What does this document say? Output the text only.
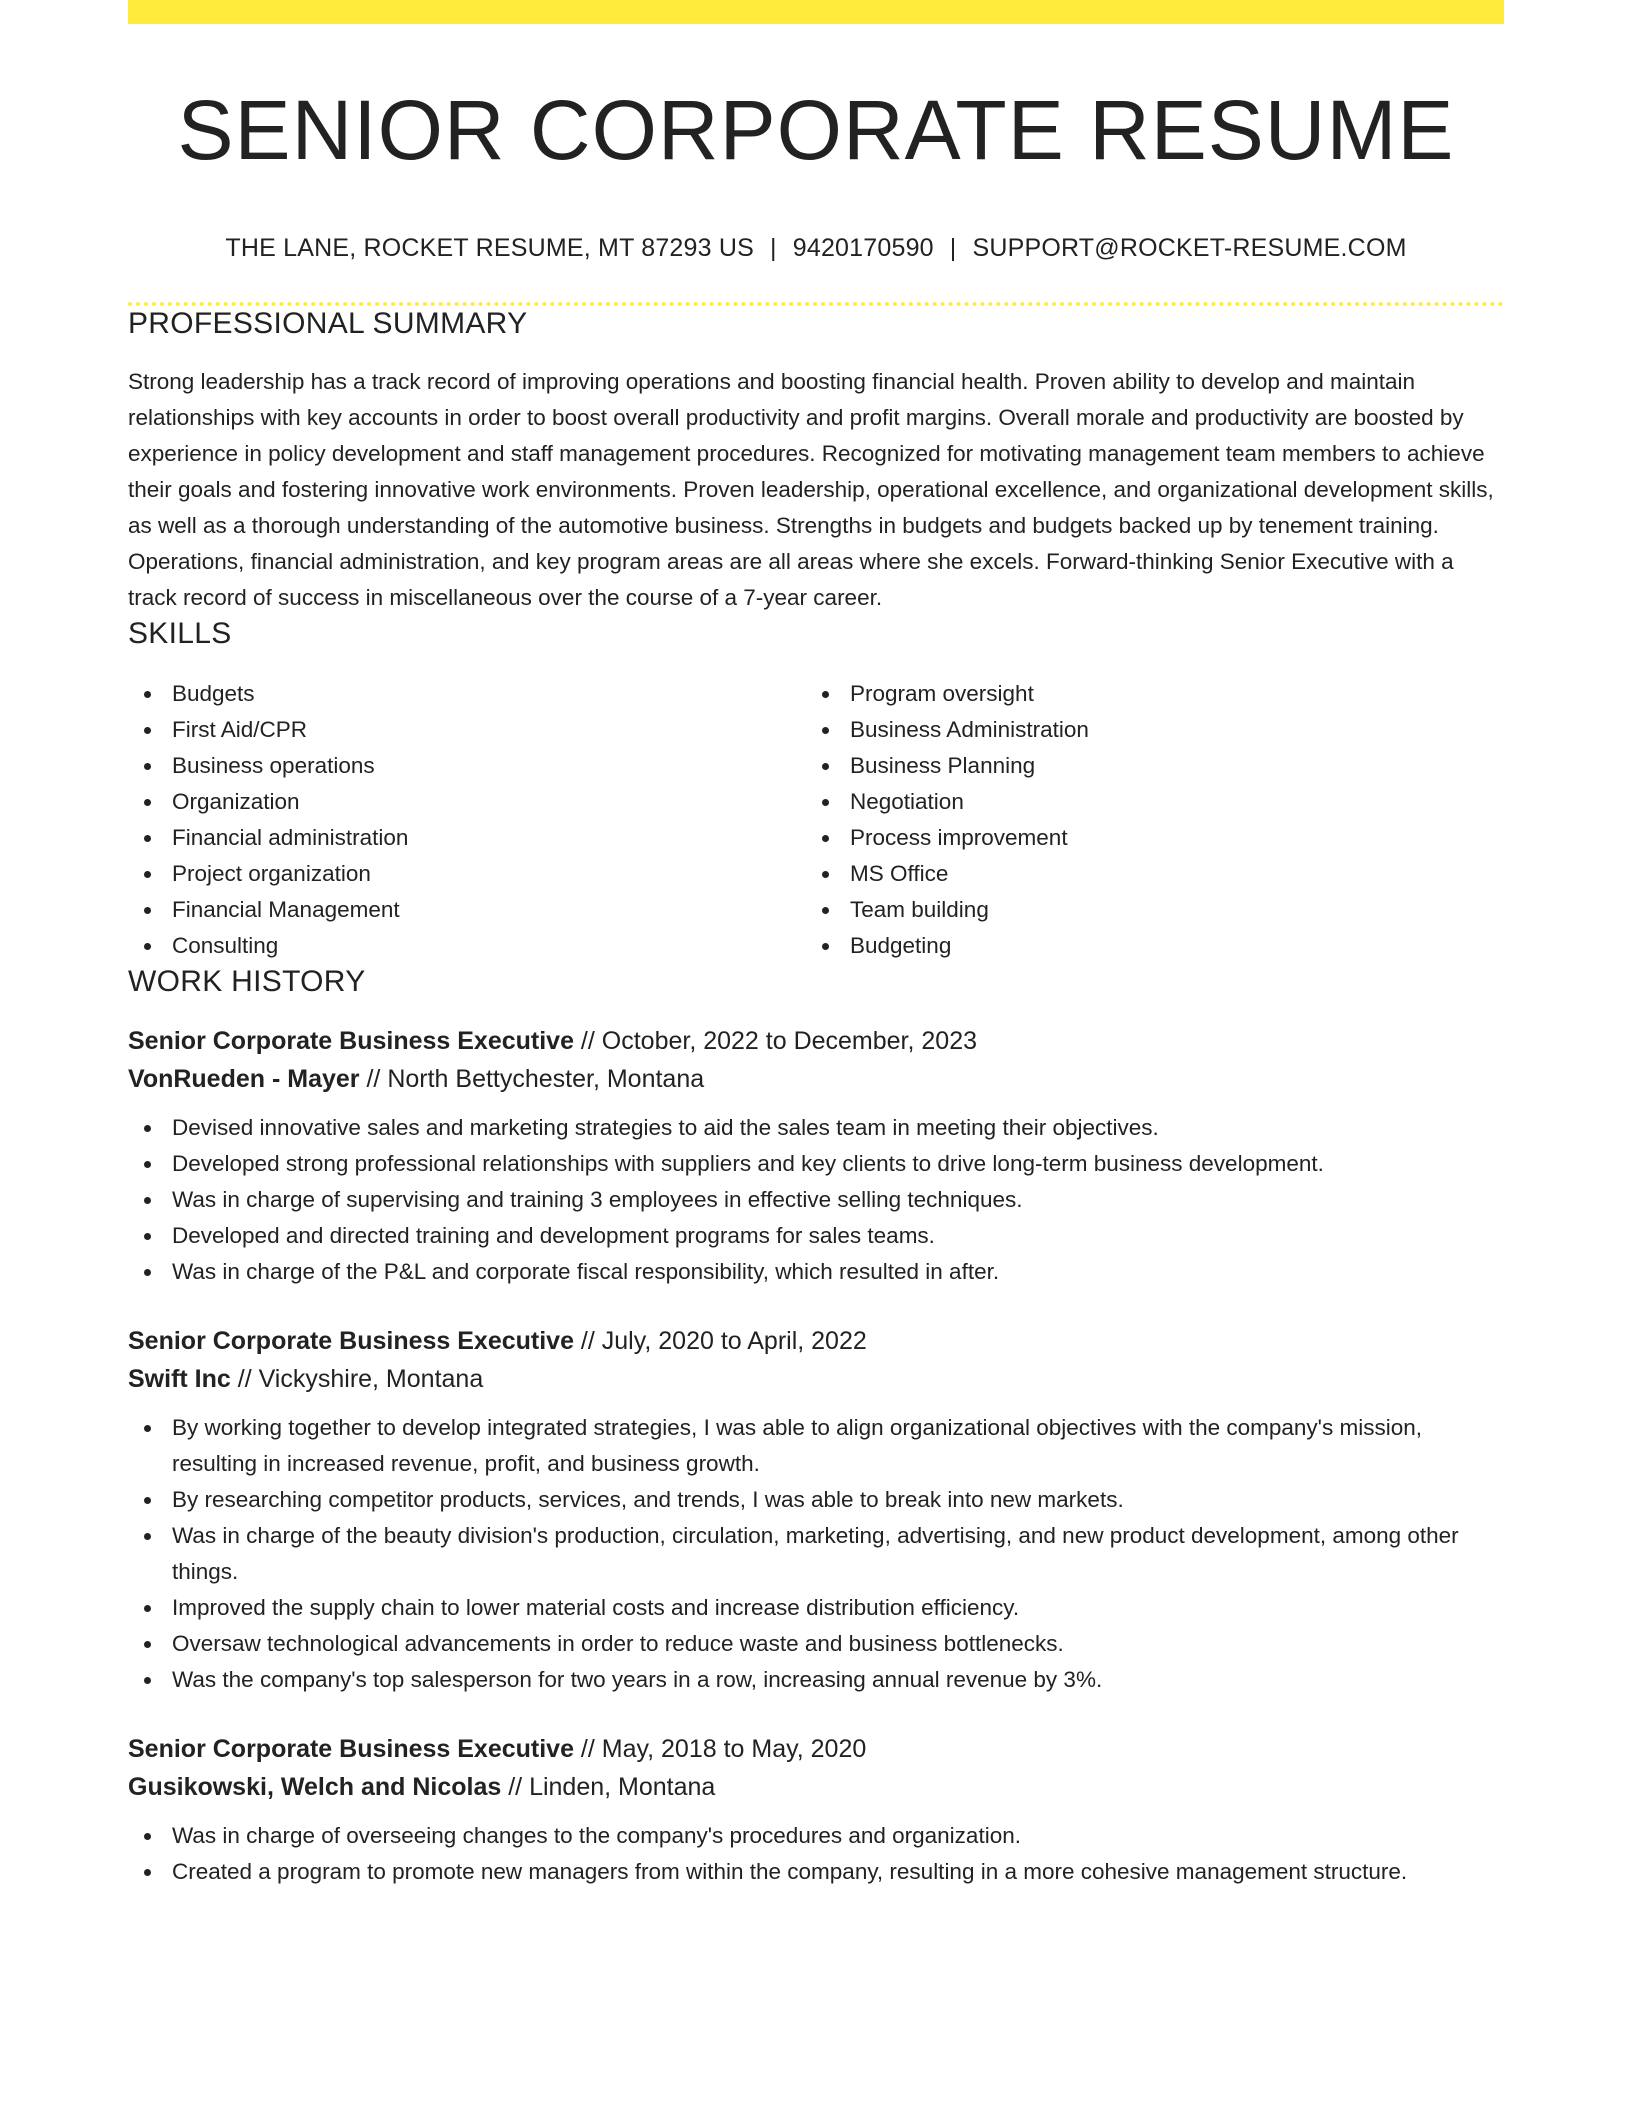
SENIOR CORPORATE RESUME
THE LANE, ROCKET RESUME, MT 87293 US | 9420170590 | SUPPORT@ROCKET-RESUME.COM
PROFESSIONAL SUMMARY
Strong leadership has a track record of improving operations and boosting financial health. Proven ability to develop and maintain relationships with key accounts in order to boost overall productivity and profit margins. Overall morale and productivity are boosted by experience in policy development and staff management procedures. Recognized for motivating management team members to achieve their goals and fostering innovative work environments. Proven leadership, operational excellence, and organizational development skills, as well as a thorough understanding of the automotive business. Strengths in budgets and budgets backed up by tenement training. Operations, financial administration, and key program areas are all areas where she excels. Forward-thinking Senior Executive with a track record of success in miscellaneous over the course of a 7-year career.
SKILLS
Budgets
First Aid/CPR
Business operations
Organization
Financial administration
Project organization
Financial Management
Consulting
Program oversight
Business Administration
Business Planning
Negotiation
Process improvement
MS Office
Team building
Budgeting
WORK HISTORY
Senior Corporate Business Executive // October, 2022 to December, 2023
VonRueden - Mayer // North Bettychester, Montana
Devised innovative sales and marketing strategies to aid the sales team in meeting their objectives.
Developed strong professional relationships with suppliers and key clients to drive long-term business development.
Was in charge of supervising and training 3 employees in effective selling techniques.
Developed and directed training and development programs for sales teams.
Was in charge of the P&L and corporate fiscal responsibility, which resulted in after.
Senior Corporate Business Executive // July, 2020 to April, 2022
Swift Inc // Vickyshire, Montana
By working together to develop integrated strategies, I was able to align organizational objectives with the company's mission, resulting in increased revenue, profit, and business growth.
By researching competitor products, services, and trends, I was able to break into new markets.
Was in charge of the beauty division's production, circulation, marketing, advertising, and new product development, among other things.
Improved the supply chain to lower material costs and increase distribution efficiency.
Oversaw technological advancements in order to reduce waste and business bottlenecks.
Was the company's top salesperson for two years in a row, increasing annual revenue by 3%.
Senior Corporate Business Executive // May, 2018 to May, 2020
Gusikowski, Welch and Nicolas // Linden, Montana
Was in charge of overseeing changes to the company's procedures and organization.
Created a program to promote new managers from within the company, resulting in a more cohesive management structure.
